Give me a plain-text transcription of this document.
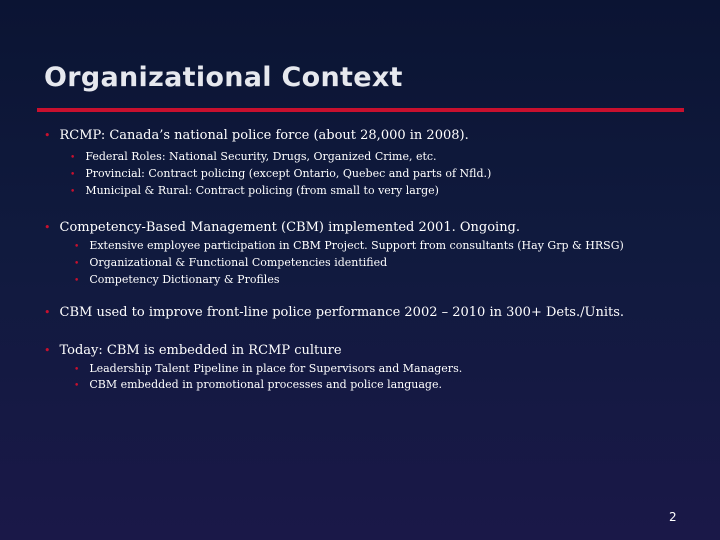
Organizational Context
• RCMP: Canada’s national police force (about 28,000 in 2008).
• Federal Roles: National Security, Drugs, Organized Crime, etc.
• Provincial: Contract policing (except Ontario, Quebec and parts of Nfld.)
• Municipal & Rural: Contract policing (from small to very large)
• Competency-Based Management (CBM) implemented 2001. Ongoing.
• Extensive employee participation in CBM Project. Support from consultants (Hay Grp & HRSG)
• Organizational & Functional Competencies identified
• Competency Dictionary & Profiles
• CBM used to improve front-line police performance 2002 – 2010 in 300+ Dets./Units.
• Today: CBM is embedded in RCMP culture
• Leadership Talent Pipeline in place for Supervisors and Managers.
• CBM embedded in promotional processes and police language.
2
